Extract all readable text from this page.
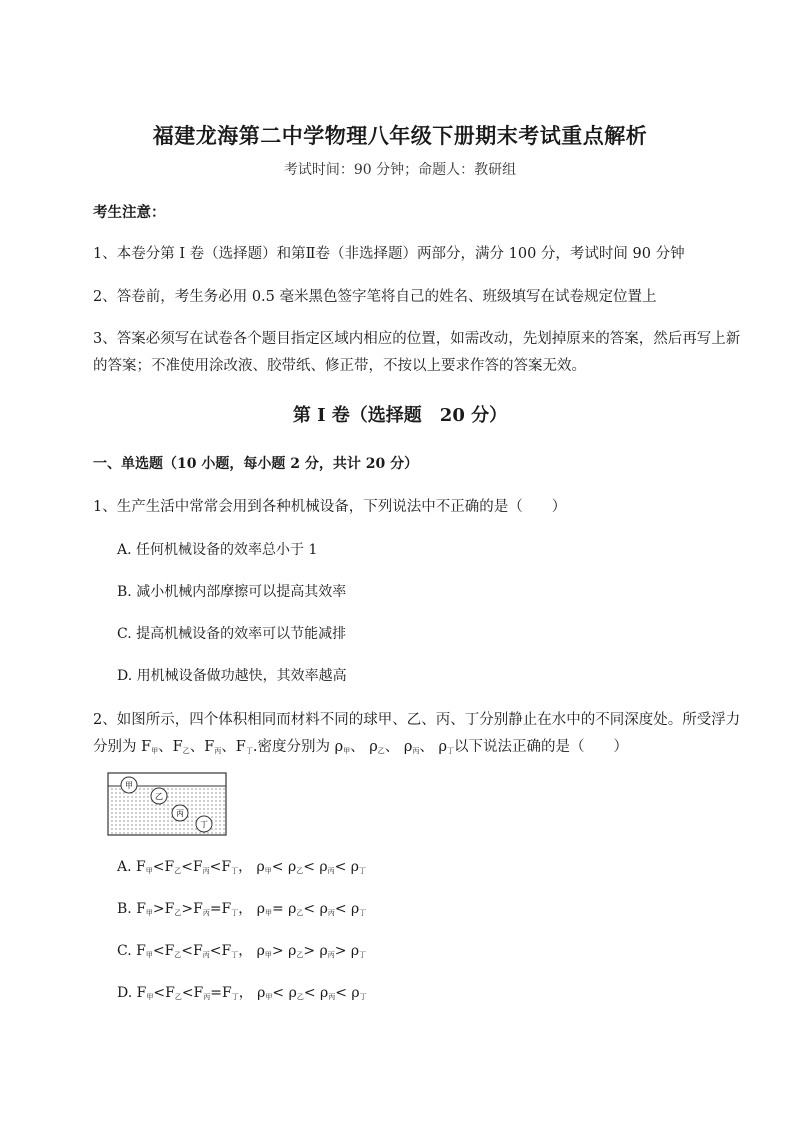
福建龙海第二中学物理八年级下册期末考试重点解析
考试时间：90 分钟；命题人：教研组
考生注意：
1、本卷分第 I 卷（选择题）和第Ⅱ卷（非选择题）两部分，满分 100 分，考试时间 90 分钟
2、答卷前，考生务必用 0.5 毫米黑色签字笔将自己的姓名、班级填写在试卷规定位置上
3、答案必须写在试卷各个题目指定区域内相应的位置，如需改动，先划掉原来的答案，然后再写上新
的答案；不准使用涂改液、胶带纸、修正带，不按以上要求作答的答案无效。
第 I 卷（选择题　20 分）
一、单选题（10 小题，每小题 2 分，共计 20 分）
1、生产生活中常常会用到各种机械设备，下列说法中不正确的是（　　）
A. 任何机械设备的效率总小于 1
B. 减小机械内部摩擦可以提高其效率
C. 提高机械设备的效率可以节能减排
D. 用机械设备做功越快，其效率越高
2、如图所示，四个体积相同而材料不同的球甲、乙、丙、丁分别静止在水中的不同深度处。所受浮力
分别为 $F_甲$、$F_乙$、$F_丙$、$F_丁$.密度分别为 $\rho_甲$、 $\rho_乙$、 $\rho_丙$、 $\rho_丁$以下说法正确的是（　　）
甲
乙
丙
丁
A. $F_甲<F_乙<F_丙<F_丁$， $\rho_甲< \rho_乙< \rho_丙< \rho_丁$
B. $F_甲>F_乙>F_丙=F_丁$， $\rho_甲= \rho_乙< \rho_丙< \rho_丁$
C. $F_甲<F_乙<F_丙<F_丁$， $\rho_甲> \rho_乙> \rho_丙> \rho_丁$
D. $F_甲<F_乙<F_丙=F_丁$， $\rho_甲< \rho_乙< \rho_丙< \rho_丁$
